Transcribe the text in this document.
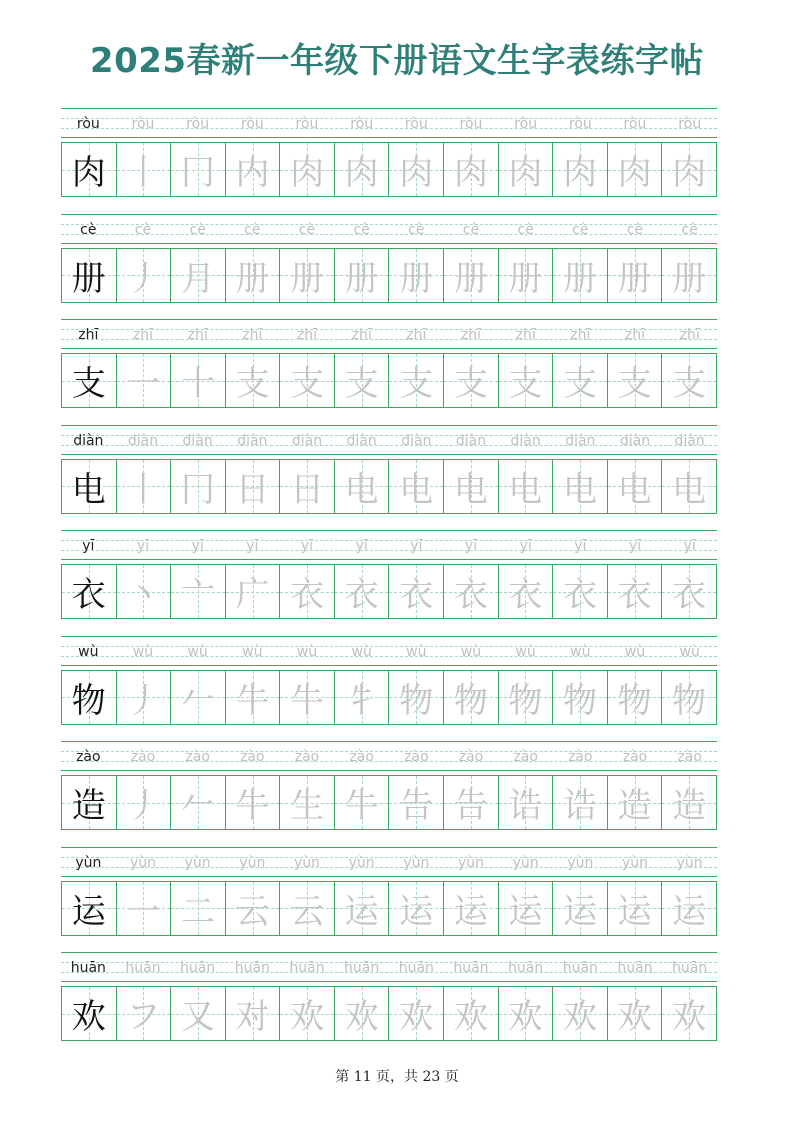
2025春新一年级下册语文生字表练字帖
ròu	ròu	ròu	ròu	ròu	ròu	ròu	ròu	ròu	ròu	ròu	ròu
肉 丨 冂 内 肉 肉 肉 肉 肉 肉 肉 肉
cè	cè	cè	cè	cè	cè	cè	cè	cè	cè	cè	cè
册 丿 月 册 册 册 册 册 册 册 册 册
zhī	zhī	zhī	zhī	zhī	zhī	zhī	zhī	zhī	zhī	zhī	zhī
支 一 十 支 支 支 支 支 支 支 支 支
diàn	diàn	diàn	diàn	diàn	diàn	diàn	diàn	diàn	diàn	diàn	diàn
电 丨 冂 日 日 电 电 电 电 电 电 电
yī	yī	yī	yī	yī	yī	yī	yī	yī	yī	yī	yī
衣 丶 亠 广 衣 衣 衣 衣 衣 衣 衣 衣
wù	wù	wù	wù	wù	wù	wù	wù	wù	wù	wù	wù
物 丿 𠂉 牛 牛 牜 物 物 物 物 物 物
zào	zào	zào	zào	zào	zào	zào	zào	zào	zào	zào	zào
造 丿 𠂉 牛 生 牛 告 告 诰 诰 造 造
yùn	yùn	yùn	yùn	yùn	yùn	yùn	yùn	yùn	yùn	yùn	yùn
运 一 二 云 云 运 运 运 运 运 运 运
huān	huān	huān	huān	huān	huān	huān	huān	huān	huān	huān	huān
欢 フ 又 对 欢 欢 欢 欢 欢 欢 欢 欢
第 11 页，共 23 页
